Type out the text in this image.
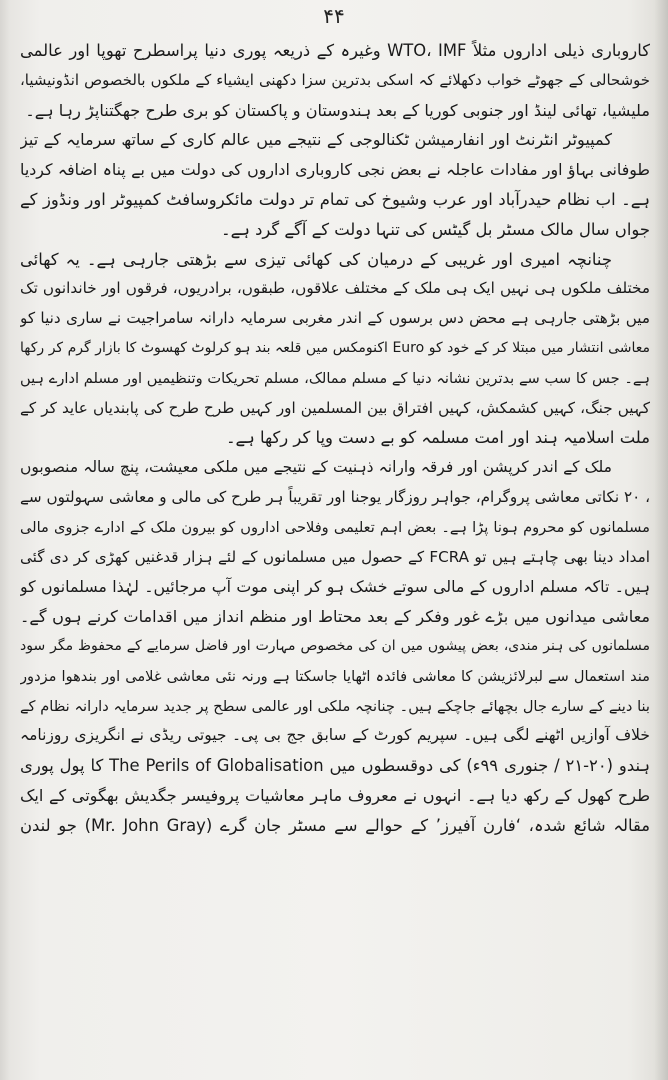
۴۴
کاروباری ذیلی اداروں مثلاً WTO، IMF وغیرہ کے ذریعہ پوری دنیا پراسطرح تھوپا اور عالمی
خوشحالی کے جھوٹے خواب دکھلائے کہ اسکی بدترین سزا دکھنی ایشیاء کے ملکوں بالخصوص انڈونیشیا،
ملیشیا، تھائی لینڈ اور جنوبی کوریا کے بعد ہندوستان و پاکستان کو بری طرح جھگتناپڑ رہا ہے۔
کمپیوٹر انٹرنٹ اور انفارمیشن ٹکنالوجی کے نتیجے میں عالم کاری کے ساتھ سرمایہ کے تیز
طوفانی بہاؤ اور مفادات عاجلہ نے بعض نجی کاروباری اداروں کی دولت میں بے پناہ اضافہ کردیا
ہے۔ اب نظام حیدرآباد اور عرب وشیوخ کی تمام تر دولت مائکروسافٹ کمپیوٹر اور ونڈوز کے
جواں سال مالک مسٹر بل گیٹس کی تنہا دولت کے آگے گرد ہے۔
چنانچہ امیری اور غریبی کے درمیان کی کھائی تیزی سے بڑھتی جارہی ہے۔ یہ کھائی
مختلف ملکوں ہی نہیں ایک ہی ملک کے مختلف علاقوں، طبقوں، برادریوں، فرقوں اور خاندانوں تک
میں بڑھتی جارہی ہے محض دس برسوں کے اندر مغربی سرمایہ دارانہ سامراجیت نے ساری دنیا کو
معاشی انتشار میں مبتلا کر کے خود کو Euro اکنومکس میں قلعہ بند ہو کرلوٹ کھسوٹ کا بازار گرم کر رکھا
ہے۔ جس کا سب سے بدترین نشانہ دنیا کے مسلم ممالک، مسلم تحریکات وتنظیمیں اور مسلم ادارے ہیں
کہیں جنگ، کہیں کشمکش، کہیں افتراق بین المسلمین اور کہیں طرح طرح کی پابندیاں عاید کر کے
ملت اسلامیہ ہند اور امت مسلمہ کو بے دست وپا کر رکھا ہے۔
ملک کے اندر کرپشن اور فرقہ وارانہ ذہنیت کے نتیجے میں ملکی معیشت، پنچ سالہ منصوبوں
، ۲۰ نکاتی معاشی پروگرام، جواہر روزگار یوجنا اور تقریباً ہر طرح کی مالی و معاشی سہولتوں سے
مسلمانوں کو محروم ہونا پڑا ہے۔ بعض اہم تعلیمی وفلاحی اداروں کو بیرون ملک کے ادارے جزوی مالی
امداد دینا بھی چاہتے ہیں تو FCRA کے حصول میں مسلمانوں کے لئے ہزار قدغنیں کھڑی کر دی گئی
ہیں۔ تاکہ مسلم اداروں کے مالی سوتے خشک ہو کر اپنی موت آپ مرجائیں۔ لہٰذا مسلمانوں کو
معاشی میدانوں میں بڑے غور وفکر کے بعد محتاط اور منظم انداز میں اقدامات کرنے ہوں گے۔
مسلمانوں کی ہنر مندی، بعض پیشوں میں ان کی مخصوص مہارت اور فاضل سرمایے کے محفوظ مگر سود
مند استعمال سے لبرلائزیشن کا معاشی فائدہ اٹھایا جاسکتا ہے ورنہ نئی معاشی غلامی اور بندھوا مزدور
بنا دینے کے سارے جال بچھائے جاچکے ہیں۔ چنانچہ ملکی اور عالمی سطح پر جدید سرمایہ دارانہ نظام کے
خلاف آوازیں اٹھنے لگی ہیں۔ سپریم کورٹ کے سابق جج بی پی۔ جیوتی ریڈی نے انگریزی روزنامہ
ہندو (۲۰-۲۱ / جنوری ۹۹ء) کی دوقسطوں میں The Perils of Globalisation کا پول پوری
طرح کھول کے رکھ دیا ہے۔ انہوں نے معروف ماہر معاشیات پروفیسر جگدیش بھگوتی کے ایک
مقالہ شائع شدہ، ‘فارن آفیرز’ کے حوالے سے مسٹر جان گرے (Mr. John Gray) جو لندن
